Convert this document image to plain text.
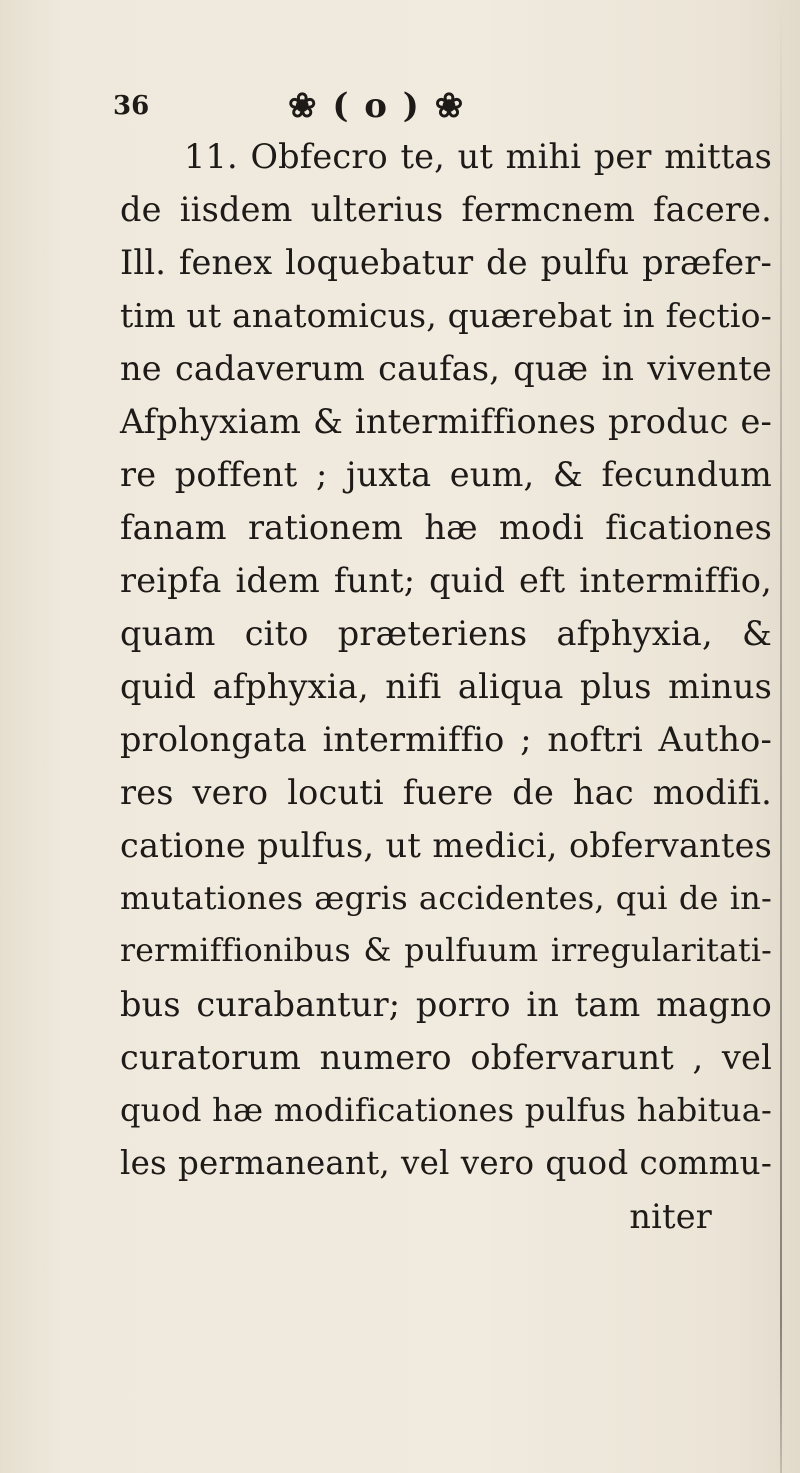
36	❀ ( o ) ❀
11. Obfecro te, ut mihi per mittas
de iisdem ulterius fermcnem facere.
Ill. fenex loquebatur de pulfu præfer-
tim ut anatomicus, quærebat in fectio-
ne cadaverum caufas, quæ in vivente
Afphyxiam & intermiffiones produc e-
re poffent ; juxta eum, & fecundum
fanam rationem hæ modi ficationes
reipfa idem funt; quid eft intermiffio,
quam cito præteriens afphyxia, &
quid afphyxia, nifi aliqua plus minus
prolongata intermiffio ; noftri Autho-
res vero locuti fuere de hac modifi.
catione pulfus, ut medici, obfervantes
mutationes ægris accidentes, qui de in-
rermiffionibus & pulfuum irregularitati-
bus curabantur; porro in tam magno
curatorum numero obfervarunt , vel
quod hæ modificationes pulfus habitua-
les permaneant, vel vero quod commu-
niter
